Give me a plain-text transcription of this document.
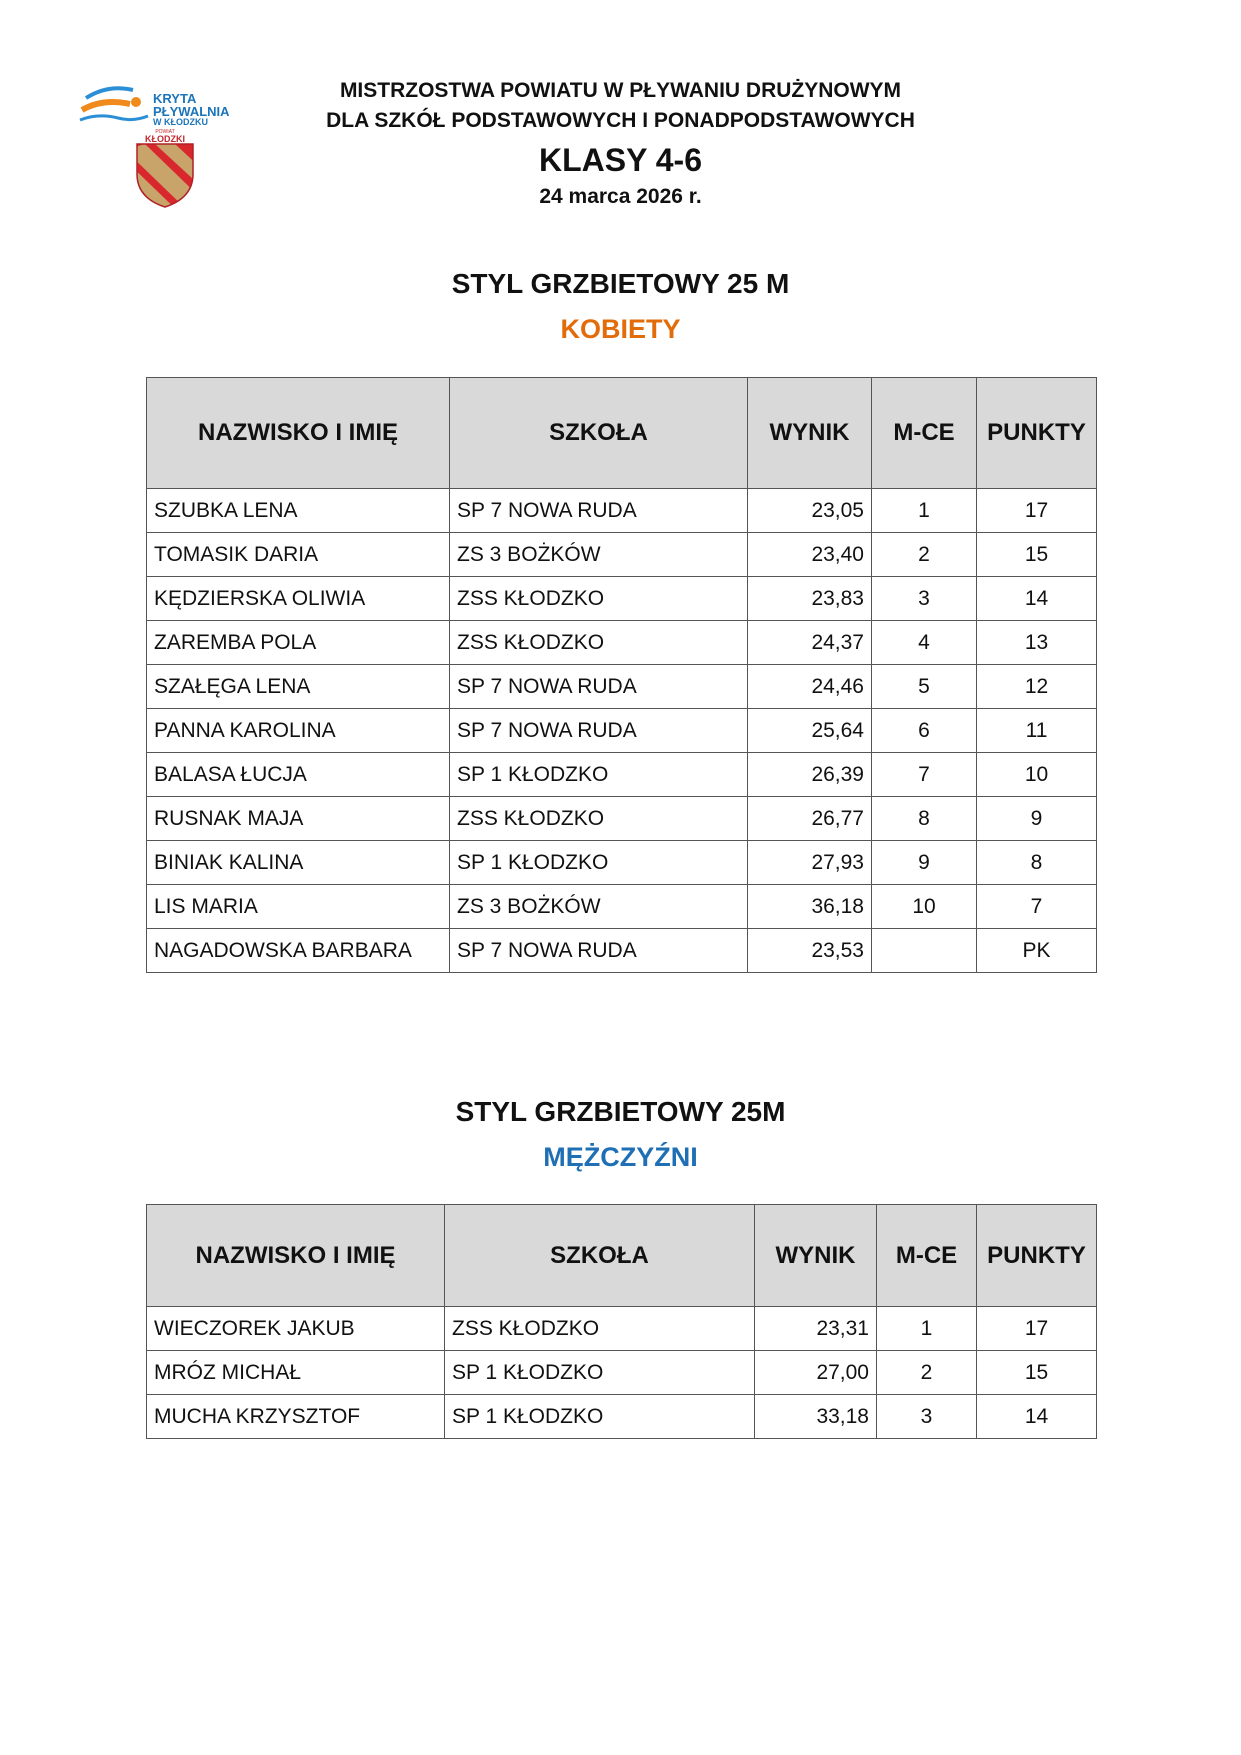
KRYTA
PŁYWALNIA
W KŁODZKU
POWIAT
KŁODZKI
MISTRZOSTWA POWIATU W PŁYWANIU DRUŻYNOWYM
DLA SZKÓŁ PODSTAWOWYCH I PONADPODSTAWOWYCH
KLASY 4-6
24 marca 2026 r.
STYL GRZBIETOWY 25 M
KOBIETY
NAZWISKO I IMIĘ	SZKOŁA	WYNIK	M-CE	PUNKTY
SZUBKA LENA	SP 7 NOWA RUDA	23,05	1	17
TOMASIK DARIA	ZS 3 BOŻKÓW	23,40	2	15
KĘDZIERSKA OLIWIA	ZSS KŁODZKO	23,83	3	14
ZAREMBA POLA	ZSS KŁODZKO	24,37	4	13
SZAŁĘGA LENA	SP 7 NOWA RUDA	24,46	5	12
PANNA KAROLINA	SP 7 NOWA RUDA	25,64	6	11
BALASA ŁUCJA	SP 1 KŁODZKO	26,39	7	10
RUSNAK MAJA	ZSS KŁODZKO	26,77	8	9
BINIAK KALINA	SP 1 KŁODZKO	27,93	9	8
LIS MARIA	ZS 3 BOŻKÓW	36,18	10	7
NAGADOWSKA BARBARA	SP 7 NOWA RUDA	23,53		PK
STYL GRZBIETOWY 25M
MĘŻCZYŹNI
NAZWISKO I IMIĘ	SZKOŁA	WYNIK	M-CE	PUNKTY
WIECZOREK JAKUB	ZSS KŁODZKO	23,31	1	17
MRÓZ MICHAŁ	SP 1 KŁODZKO	27,00	2	15
MUCHA KRZYSZTOF	SP 1 KŁODZKO	33,18	3	14
